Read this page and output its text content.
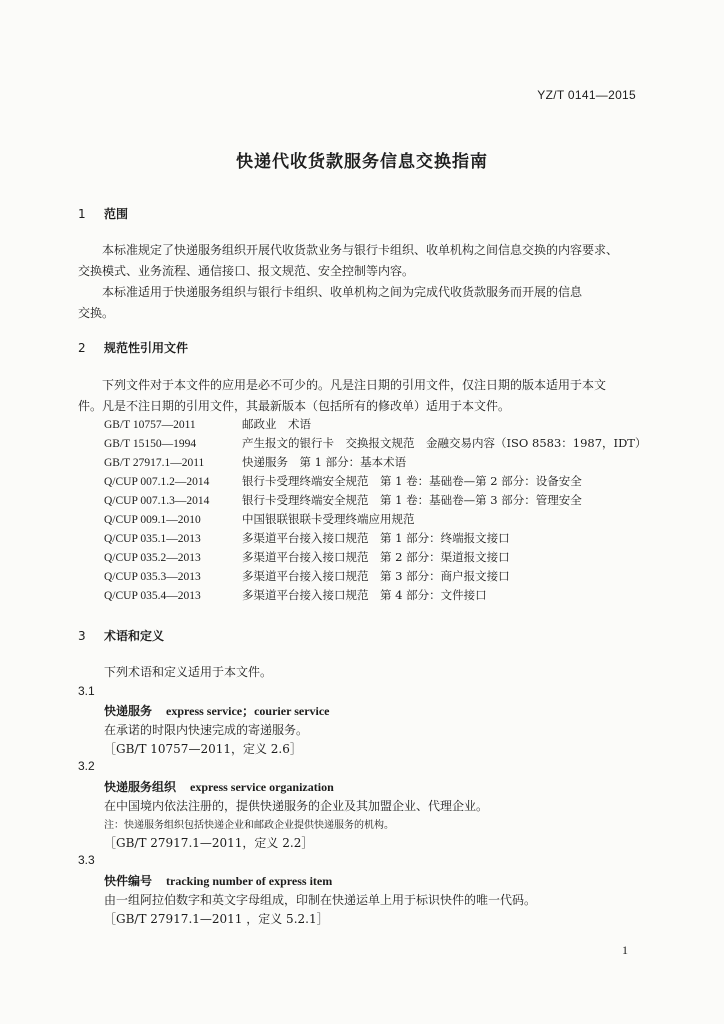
YZ/T 0141—2015
快递代收货款服务信息交换指南
1 范围
本标准规定了快递服务组织开展代收货款业务与银行卡组织、收单机构之间信息交换的内容要求、
交换模式、业务流程、通信接口、报文规范、安全控制等内容。
本标准适用于快递服务组织与银行卡组织、收单机构之间为完成代收货款服务而开展的信息
交换。
2 规范性引用文件
下列文件对于本文件的应用是必不可少的。凡是注日期的引用文件，仅注日期的版本适用于本文
件。凡是不注日期的引用文件，其最新版本（包括所有的修改单）适用于本文件。
GB/T 10757—2011	邮政业　术语
GB/T 15150—1994	产生报文的银行卡　交换报文规范　金融交易内容（ISO 8583：1987，IDT）
GB/T 27917.1—2011	快递服务　第 1 部分：基本术语
Q/CUP 007.1.2—2014	银行卡受理终端安全规范　第 1 卷：基础卷—第 2 部分：设备安全
Q/CUP 007.1.3—2014	银行卡受理终端安全规范　第 1 卷：基础卷—第 3 部分：管理安全
Q/CUP 009.1—2010	中国银联银联卡受理终端应用规范
Q/CUP 035.1—2013	多渠道平台接入接口规范　第 1 部分：终端报文接口
Q/CUP 035.2—2013	多渠道平台接入接口规范　第 2 部分：渠道报文接口
Q/CUP 035.3—2013	多渠道平台接入接口规范　第 3 部分：商户报文接口
Q/CUP 035.4—2013	多渠道平台接入接口规范　第 4 部分：文件接口
3 术语和定义
下列术语和定义适用于本文件。
3.1
快递服务 express service；courier service
在承诺的时限内快速完成的寄递服务。
［GB/T 10757—2011，定义 2.6］
3.2
快递服务组织 express service organization
在中国境内依法注册的，提供快递服务的企业及其加盟企业、代理企业。
注：快递服务组织包括快递企业和邮政企业提供快递服务的机构。
［GB/T 27917.1—2011，定义 2.2］
3.3
快件编号 tracking number of express item
由一组阿拉伯数字和英文字母组成，印制在快递运单上用于标识快件的唯一代码。
［GB/T 27917.1—2011 ，定义 5.2.1］
1
